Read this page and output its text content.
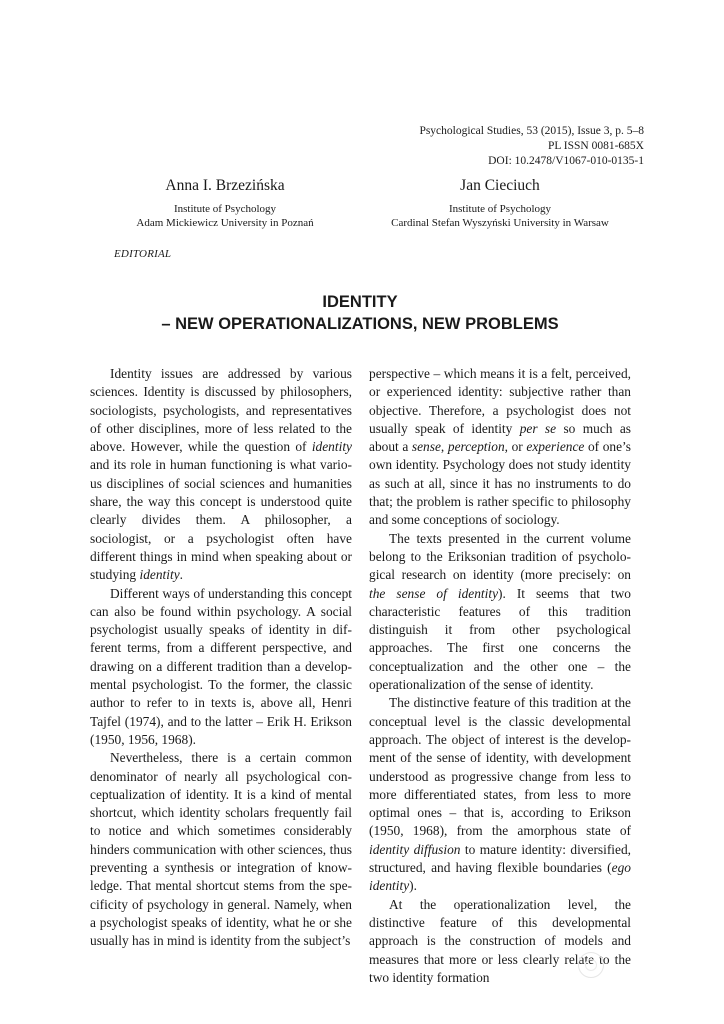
Psychological Studies, 53 (2015), Issue 3, p. 5–8
PL ISSN 0081-685X
DOI: 10.2478/V1067-010-0135-1
Anna I. Brzezińska
Institute of Psychology
Adam Mickiewicz University in Poznań
Jan Cieciuch
Institute of Psychology
Cardinal Stefan Wyszyński University in Warsaw
EDITORIAL
IDENTITY
– NEW OPERATIONALIZATIONS, NEW PROBLEMS

Identity issues are addressed by various sciences. Identity is discussed by philosophers, sociologists, psychologists, and representatives of other disciplines, more of less related to the above. However, while the question of identity and its role in human functioning is what various disciplines of social sciences and humanities share, the way this concept is understood quite clearly divides them. A philosopher, a sociologist, or a psychologist often have different things in mind when speaking about or studying identity.

Different ways of understanding this concept can also be found within psychology. A social psychologist usually speaks of identity in different terms, from a different perspective, and drawing on a different tradition than a developmental psychologist. To the former, the classic author to refer to in texts is, above all, Henri Tajfel (1974), and to the latter – Erik H. Erikson (1950, 1956, 1968).

Nevertheless, there is a certain common denominator of nearly all psychological conceptualization of identity. It is a kind of mental shortcut, which identity scholars frequently fail to notice and which sometimes considerably hinders communication with other sciences, thus preventing a synthesis or integration of knowledge. That mental shortcut stems from the specificity of psychology in general. Namely, when a psychologist speaks of identity, what he or she usually has in mind is identity from the subject’s

perspective – which means it is a felt, perceived, or experienced identity: subjective rather than objective. Therefore, a psychologist does not usually speak of identity per se so much as about a sense, perception, or experience of one’s own identity. Psychology does not study identity as such at all, since it has no instruments to do that; the problem is rather specific to philosophy and some conceptions of sociology.

The texts presented in the current volume belong to the Eriksonian tradition of psychological research on identity (more precisely: on the sense of identity). It seems that two characteristic features of this tradition distinguish it from other psychological approaches. The first one concerns the conceptualization and the other one – the operationalization of the sense of identity.

The distinctive feature of this tradition at the conceptual level is the classic developmental approach. The object of interest is the development of the sense of identity, with development understood as progressive change from less to more differentiated states, from less to more optimal ones – that is, according to Erikson (1950, 1968), from the amorphous state of identity diffusion to mature identity: diversified, structured, and having flexible boundaries (ego identity).

At the operationalization level, the distinctive feature of this developmental approach is the construction of models and measures that more or less clearly relate to the two identity formation
